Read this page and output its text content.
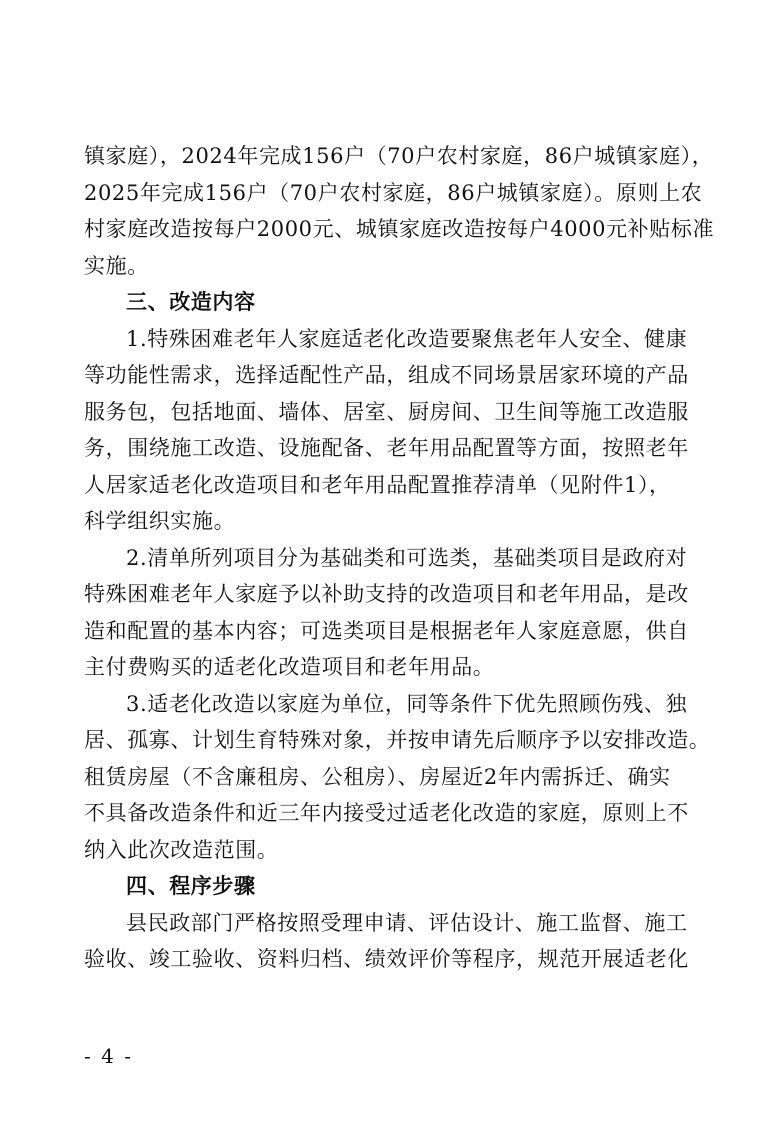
镇家庭），2024年完成156户（70户农村家庭，86户城镇家庭），
2025年完成156户（70户农村家庭，86户城镇家庭）。原则上农
村家庭改造按每户2000元、城镇家庭改造按每户4000元补贴标准
实施。
三、改造内容
1.特殊困难老年人家庭适老化改造要聚焦老年人安全、健康
等功能性需求，选择适配性产品，组成不同场景居家环境的产品
服务包，包括地面、墙体、居室、厨房间、卫生间等施工改造服
务，围绕施工改造、设施配备、老年用品配置等方面，按照老年
人居家适老化改造项目和老年用品配置推荐清单（见附件1），
科学组织实施。
2.清单所列项目分为基础类和可选类，基础类项目是政府对
特殊困难老年人家庭予以补助支持的改造项目和老年用品，是改
造和配置的基本内容；可选类项目是根据老年人家庭意愿，供自
主付费购买的适老化改造项目和老年用品。
3.适老化改造以家庭为单位，同等条件下优先照顾伤残、独
居、孤寡、计划生育特殊对象，并按申请先后顺序予以安排改造。
租赁房屋（不含廉租房、公租房）、房屋近2年内需拆迁、确实
不具备改造条件和近三年内接受过适老化改造的家庭，原则上不
纳入此次改造范围。
四、程序步骤
县民政部门严格按照受理申请、评估设计、施工监督、施工
验收、竣工验收、资料归档、绩效评价等程序，规范开展适老化
- 4 -
